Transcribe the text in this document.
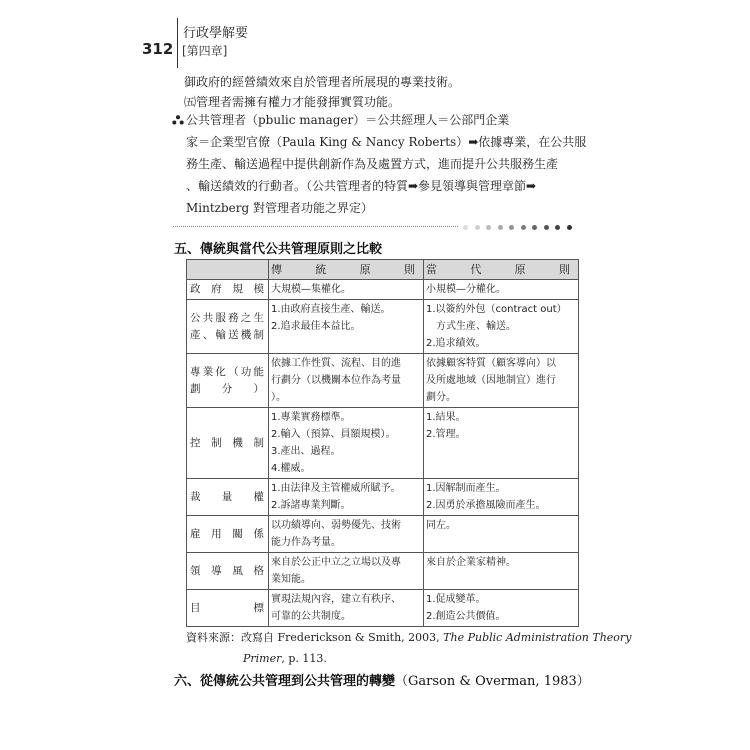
312
行政學解要
[第四章]
御政府的經營績效來自於管理者所展現的專業技術。
㈤管理者需擁有權力才能發揮實質功能。
公共管理者（pbulic manager）＝公共經理人＝公部門企業
家＝企業型官僚（Paula King & Nancy Roberts）➡依據專業，在公共服
務生產、輸送過程中提供創新作為及處置方式，進而提升公共服務生產
、輸送績效的行動者。（公共管理者的特質➡參見領導與管理章節➡
Mintzberg 對管理者功能之界定）
五、傳統與當代公共管理原則之比較
	傳統原則	當代原則
政府規模	大規模—集權化。	小規模—分權化。

公共服務之生產、輸送機制	1.由政府直接生產、輸送。
2.追求最佳本益比。	1.以簽約外包（contract out）
　方式生產、輸送。
2.追求績效。

專業化（功能劃分）	依據工作性質、流程、目的進
行劃分（以機關本位作為考量
）。	依據顧客特質（顧客導向）以
及所處地域（因地制宜）進行
劃分。

控制機制	1.專業實務標準。
2.輸入（預算、員額規模）。
3.產出、過程。
4.權威。	1.結果。
2.管理。

裁量權	1.由法律及主管權威所賦予。
2.訴諸專業判斷。	1.因解制而產生。
2.因勇於承擔風險而產生。

雇用關係	以功績導向、弱勢優先、技術
能力作為考量。	同左。

領導風格	來自於公正中立之立場以及專
業知能。	來自於企業家精神。

目標	實現法規內容，建立有秩序、
可靠的公共制度。	1.促成變革。
2.創造公共價值。
資料來源：改寫自 Frederickson & Smith, 2003, The Public Administration Theory
Primer, p. 113.
六、從傳統公共管理到公共管理的轉變（Garson & Overman, 1983）
